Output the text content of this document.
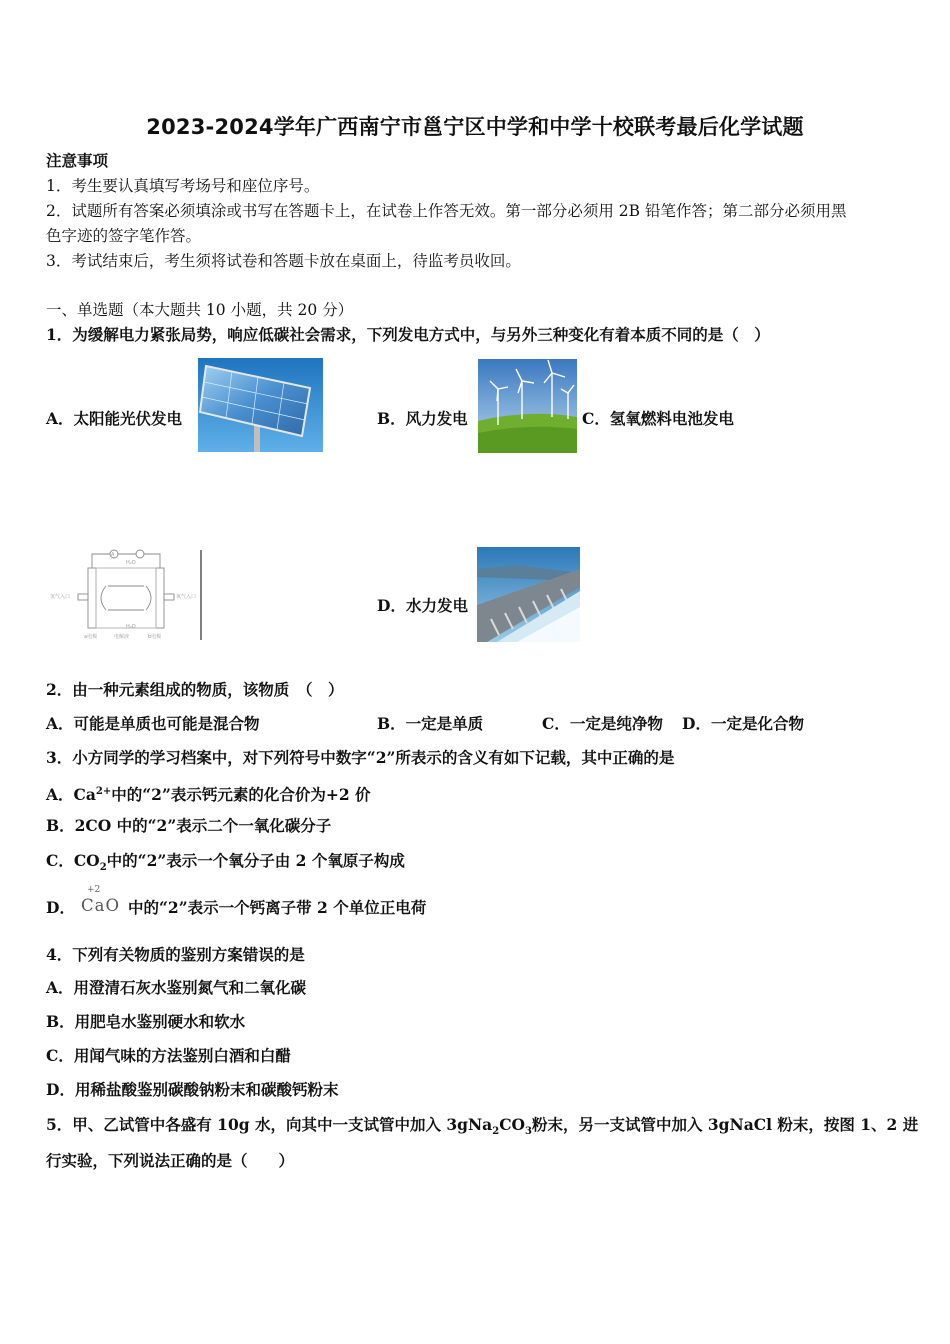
2023-2024学年广西南宁市邕宁区中学和中学十校联考最后化学试题
注意事项
1．考生要认真填写考场号和座位序号。
2．试题所有答案必须填涂或书写在答题卡上，在试卷上作答无效。第一部分必须用 2B 铅笔作答；第二部分必须用黑
色字迹的签字笔作答。
3．考试结束后，考生须将试卷和答题卡放在桌面上，待监考员收回。
一、单选题（本大题共 10 小题，共 20 分）
1．为缓解电力紧张局势，响应低碳社会需求，下列发电方式中，与另外三种变化有着本质不同的是（　）
A．太阳能光伏发电	B．风力发电	C．氢氧燃料电池发电
A
H₂O
H₂O
氢气入口	氧气入口
a电极	电解液	b电极
D．水力发电
2．由一种元素组成的物质，该物质　（　）
A．可能是单质也可能是混合物	B．一定是单质	C．一定是纯净物 D．一定是化合物
3．小方同学的学习档案中，对下列符号中数字“2”所表示的含义有如下记载，其中正确的是
A．$Ca^{2+}$中的“2”表示钙元素的化合价为+2 价
B．2CO 中的“2”表示二个一氧化碳分子
C．$CO_2$中的“2”表示一个氧分子由 2 个氧原子构成
D．
+2
CaO 中的“2”表示一个钙离子带 2 个单位正电荷
4．下列有关物质的鉴别方案错误的是
A．用澄清石灰水鉴别氮气和二氧化碳
B．用肥皂水鉴别硬水和软水
C．用闻气味的方法鉴别白酒和白醋
D．用稀盐酸鉴别碳酸钠粉末和碳酸钙粉末
5．甲、乙试管中各盛有 10g 水，向其中一支试管中加入 $3gNa_2CO_3$粉末，另一支试管中加入 3gNaCl 粉末，按图 1、2 进
行实验，下列说法正确的是（　　）
